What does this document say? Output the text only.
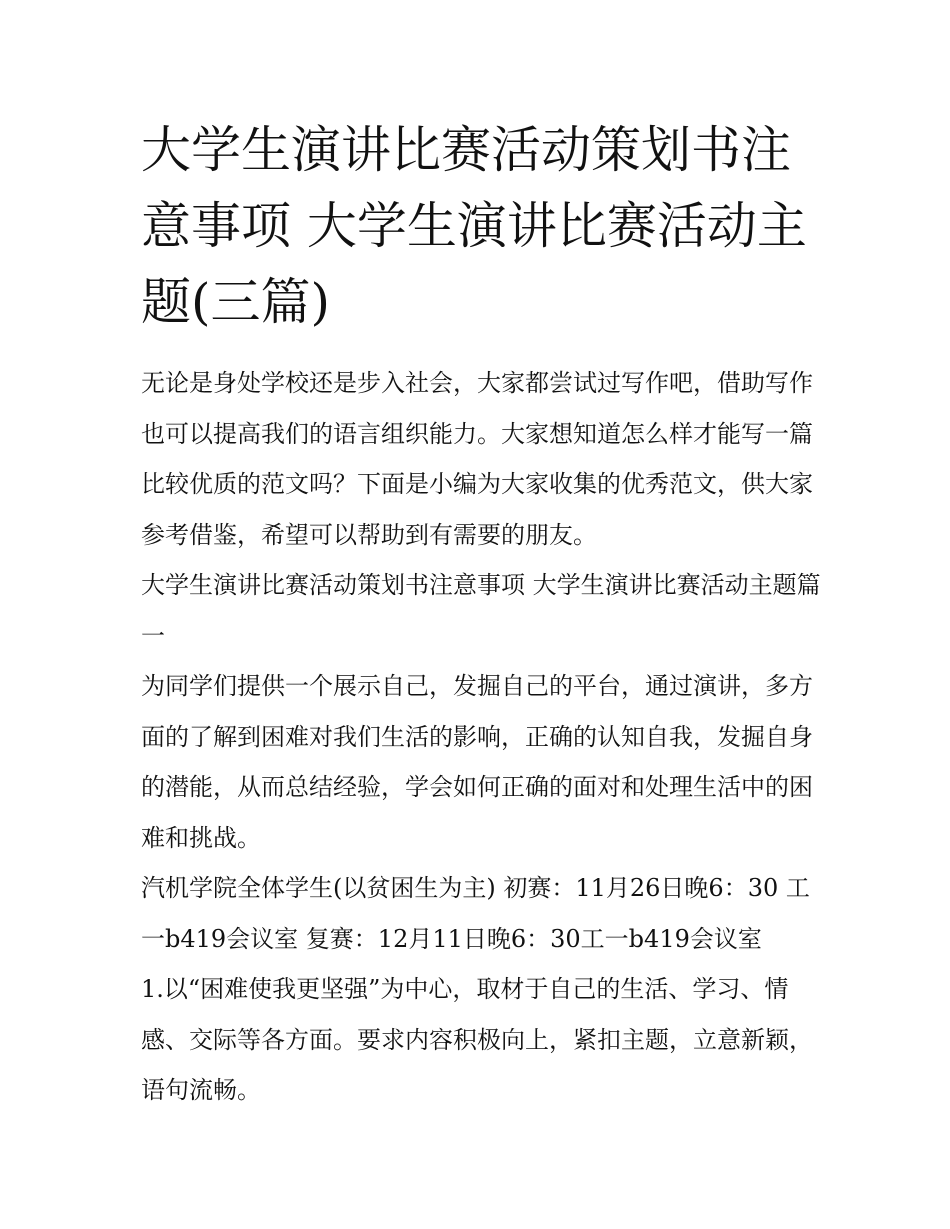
大学生演讲比赛活动策划书注意事项 大学生演讲比赛活动主题(三篇)

无论是身处学校还是步入社会，大家都尝试过写作吧，借助写作也可以提高我们的语言组织能力。大家想知道怎么样才能写一篇比较优质的范文吗？下面是小编为大家收集的优秀范文，供大家参考借鉴，希望可以帮助到有需要的朋友。

大学生演讲比赛活动策划书注意事项 大学生演讲比赛活动主题篇一

为同学们提供一个展示自己，发掘自己的平台，通过演讲，多方面的了解到困难对我们生活的影响，正确的认知自我，发掘自身的潜能，从而总结经验，学会如何正确的面对和处理生活中的困难和挑战。

汽机学院全体学生(以贫困生为主) 初赛：11月26日晚6：30 工一b419会议室 复赛：12月11日晚6：30工一b419会议室

1.以“困难使我更坚强”为中心，取材于自己的生活、学习、情感、交际等各方面。要求内容积极向上，紧扣主题，立意新颖，语句流畅。
